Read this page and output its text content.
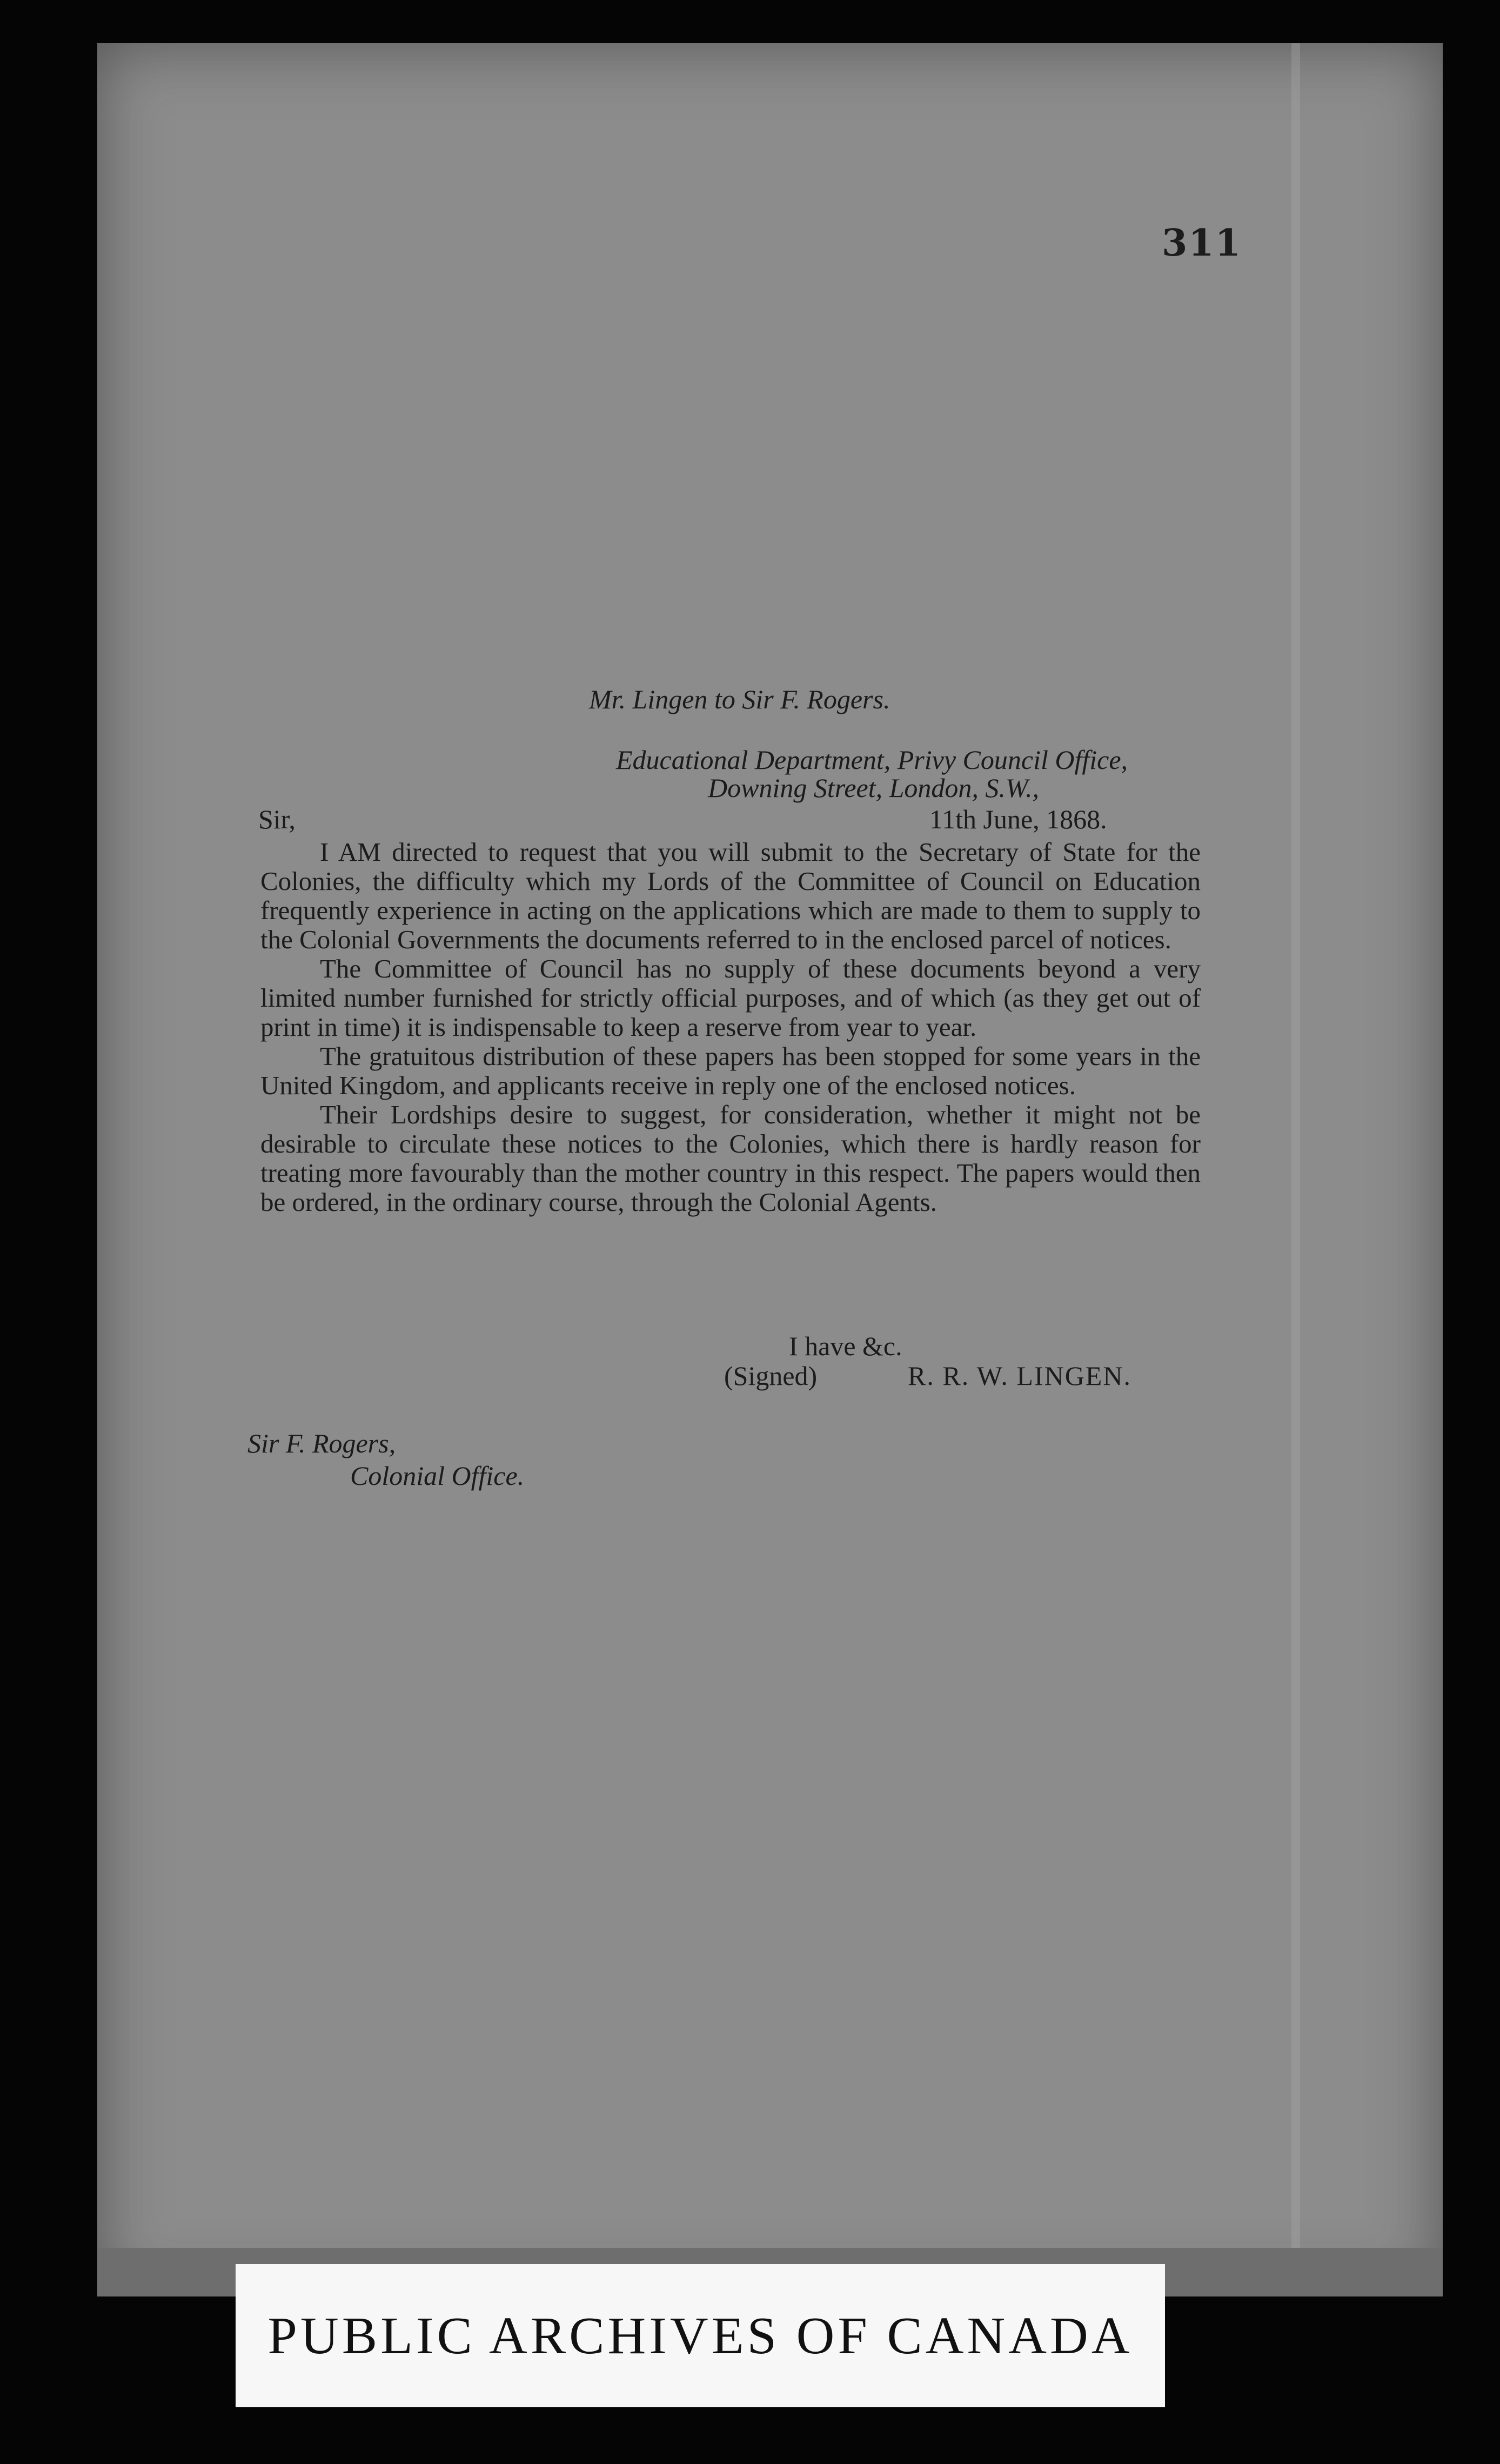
311
Mr. Lingen to Sir F. Rogers.
Educational Department, Privy Council Office,
Downing Street, London, S.W.,
11th June, 1868.
Sir,

I AM directed to request that you will submit to the Secretary of State for the Colonies, the difficulty which my Lords of the Committee of Council on Education frequently experience in acting on the applications which are made to them to supply to the Colonial Governments the documents referred to in the enclosed parcel of notices.

The Committee of Council has no supply of these documents beyond a very limited number furnished for strictly official purposes, and of which (as they get out of print in time) it is indispensable to keep a reserve from year to year.

The gratuitous distribution of these papers has been stopped for some years in the United Kingdom, and applicants receive in reply one of the enclosed notices.

Their Lordships desire to suggest, for consideration, whether it might not be desirable to circulate these notices to the Colonies, which there is hardly reason for treating more favourably than the mother country in this respect. The papers would then be ordered, in the ordinary course, through the Colonial Agents.

I have &c.
(Signed)	R. R. W. LINGEN.
Sir F. Rogers,
Colonial Office.
PUBLIC ARCHIVES OF CANADA
